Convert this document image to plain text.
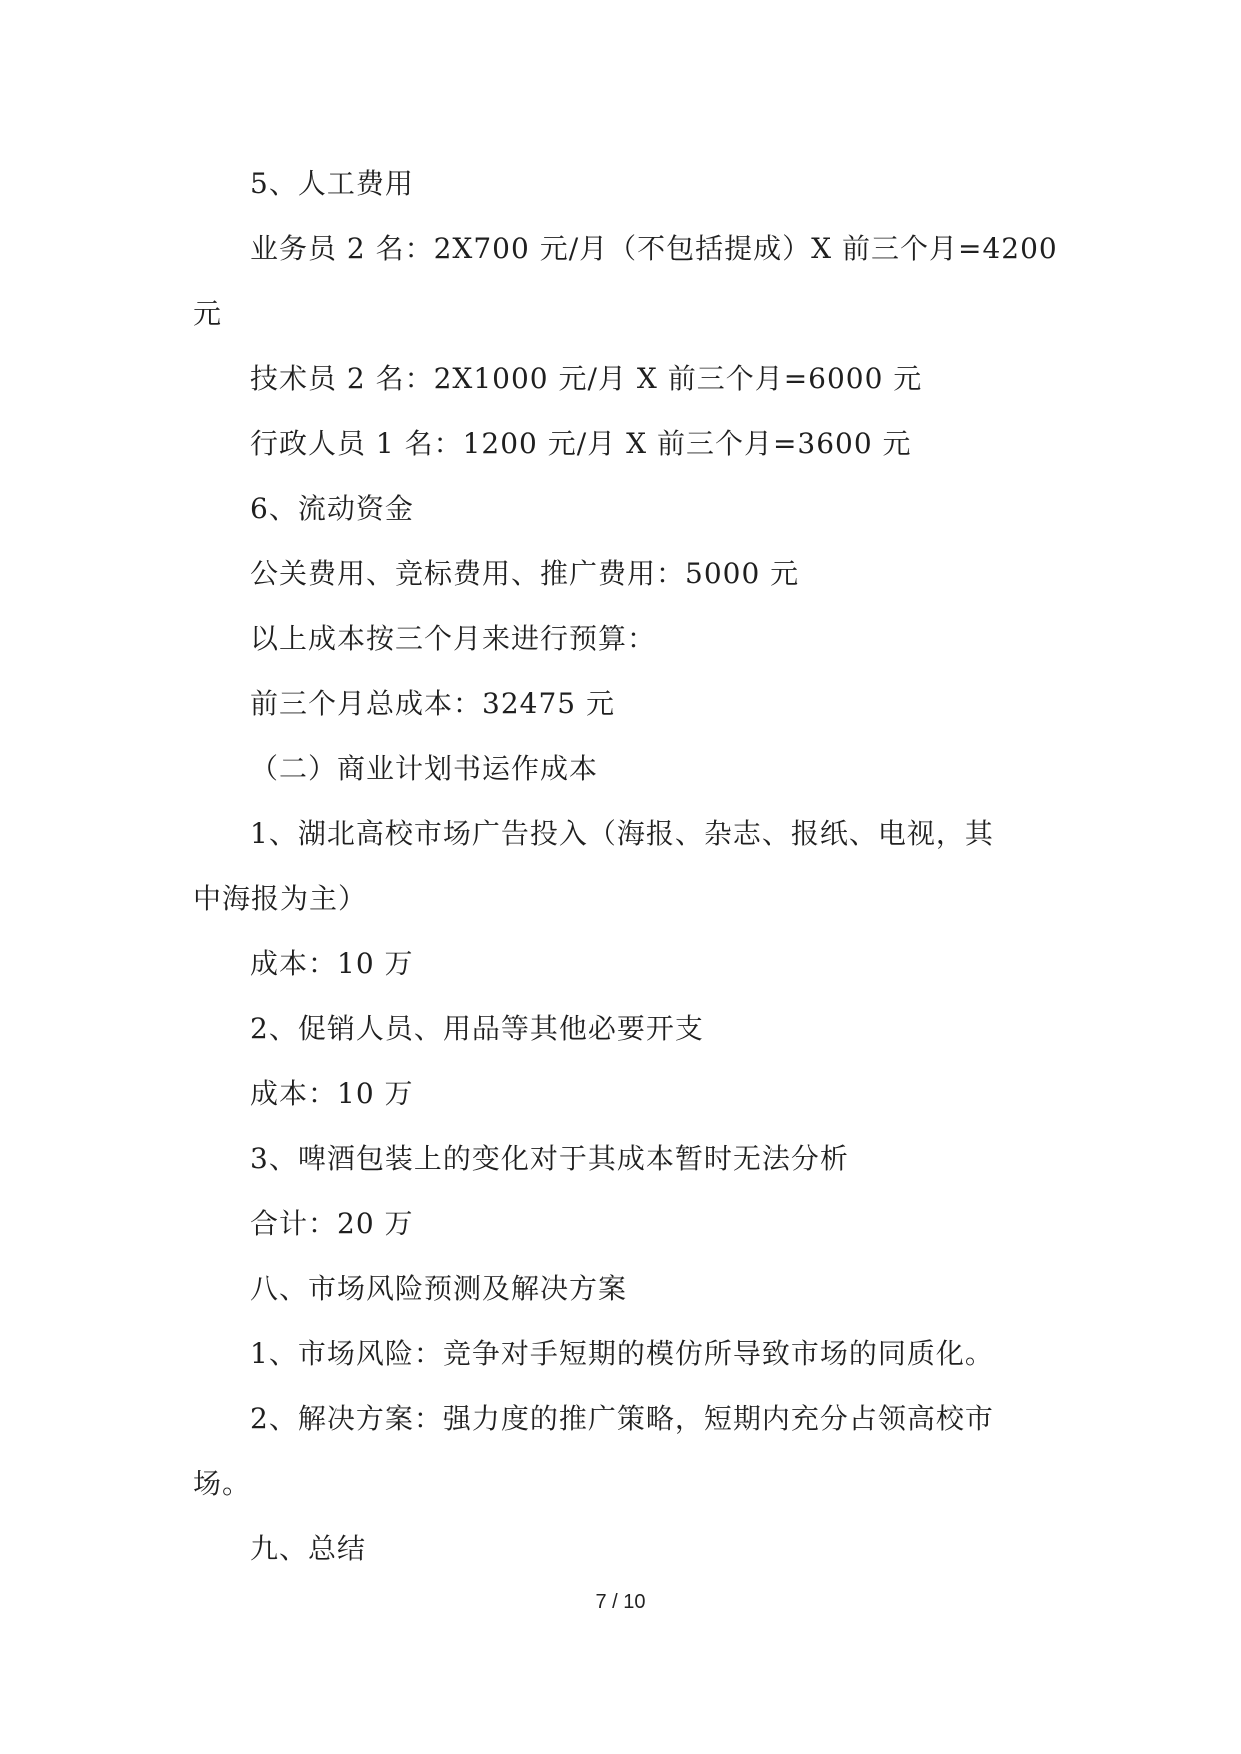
5、人工费用
业务员 2 名：2X700 元/月（不包括提成）X 前三个月=4200
元
技术员 2 名：2X1000 元/月 X 前三个月=6000 元
行政人员 1 名：1200 元/月 X 前三个月=3600 元
6、流动资金
公关费用、竞标费用、推广费用：5000 元
以上成本按三个月来进行预算：
前三个月总成本：32475 元
（二）商业计划书运作成本
1、湖北高校市场广告投入（海报、杂志、报纸、电视，其
中海报为主）
成本：10 万
2、促销人员、用品等其他必要开支
成本：10 万
3、啤酒包装上的变化对于其成本暂时无法分析
合计：20 万
八、市场风险预测及解决方案
1、市场风险：竞争对手短期的模仿所导致市场的同质化。
2、解决方案：强力度的推广策略，短期内充分占领高校市
场。
九、总结
7 / 10
